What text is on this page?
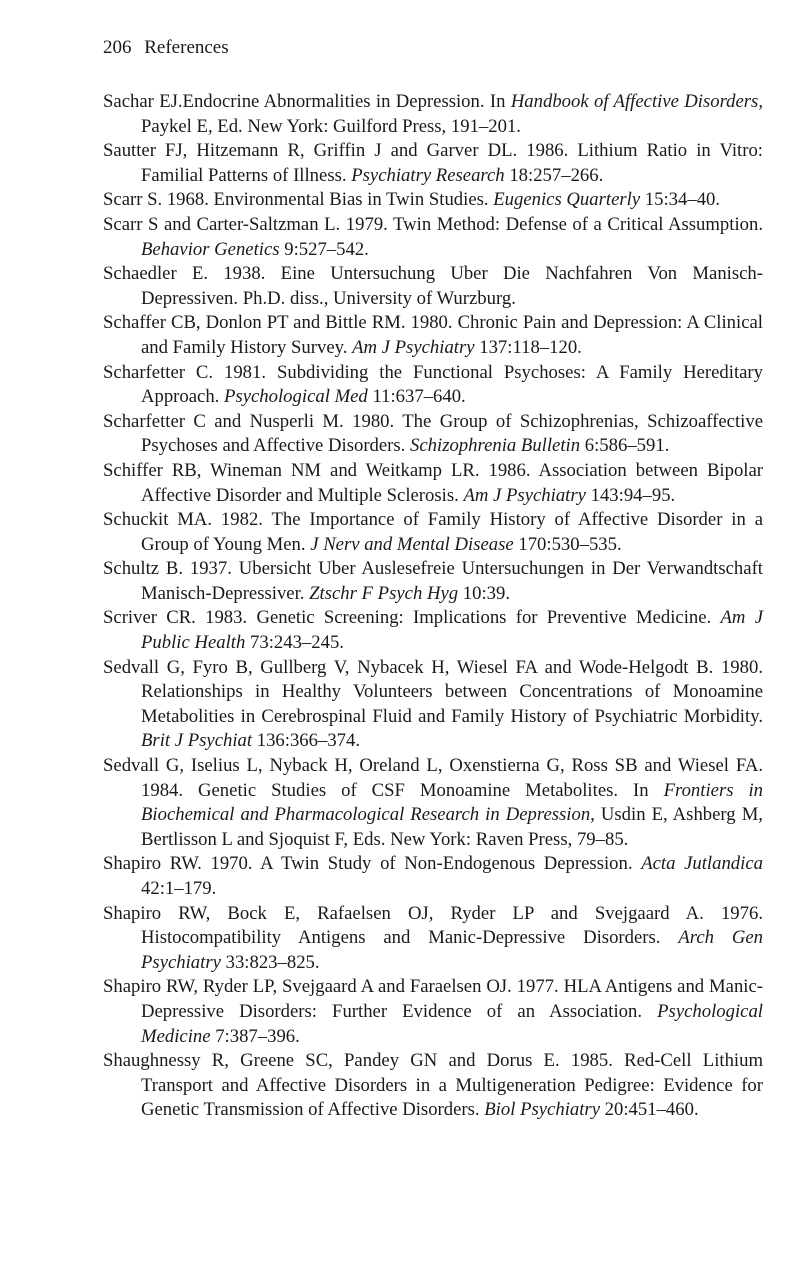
206 References
Sachar EJ.Endocrine Abnormalities in Depression. In Handbook of Affective Disorders, Paykel E, Ed. New York: Guilford Press, 191–201.
Sautter FJ, Hitzemann R, Griffin J and Garver DL. 1986. Lithium Ratio in Vitro: Familial Patterns of Illness. Psychiatry Research 18:257–266.
Scarr S. 1968. Environmental Bias in Twin Studies. Eugenics Quarterly 15:34–40.
Scarr S and Carter-Saltzman L. 1979. Twin Method: Defense of a Critical Assumption. Behavior Genetics 9:527–542.
Schaedler E. 1938. Eine Untersuchung Uber Die Nachfahren Von Manisch-Depressiven. Ph.D. diss., University of Wurzburg.
Schaffer CB, Donlon PT and Bittle RM. 1980. Chronic Pain and Depression: A Clinical and Family History Survey. Am J Psychiatry 137:118–120.
Scharfetter C. 1981. Subdividing the Functional Psychoses: A Family Hereditary Approach. Psychological Med 11:637–640.
Scharfetter C and Nusperli M. 1980. The Group of Schizophrenias, Schizoaffective Psychoses and Affective Disorders. Schizophrenia Bulletin 6:586–591.
Schiffer RB, Wineman NM and Weitkamp LR. 1986. Association between Bipolar Affective Disorder and Multiple Sclerosis. Am J Psychiatry 143:94–95.
Schuckit MA. 1982. The Importance of Family History of Affective Disorder in a Group of Young Men. J Nerv and Mental Disease 170:530–535.
Schultz B. 1937. Ubersicht Uber Auslesefreie Untersuchungen in Der Verwandtschaft Manisch-Depressiver. Ztschr F Psych Hyg 10:39.
Scriver CR. 1983. Genetic Screening: Implications for Preventive Medicine. Am J Public Health 73:243–245.
Sedvall G, Fyro B, Gullberg V, Nybacek H, Wiesel FA and Wode-Helgodt B. 1980. Relationships in Healthy Volunteers between Concentrations of Monoamine Metabolities in Cerebrospinal Fluid and Family History of Psychiatric Morbidity. Brit J Psychiat 136:366–374.
Sedvall G, Iselius L, Nyback H, Oreland L, Oxenstierna G, Ross SB and Wiesel FA. 1984. Genetic Studies of CSF Monoamine Metabolites. In Frontiers in Biochemical and Pharmacological Research in Depression, Usdin E, Ashberg M, Bertlisson L and Sjoquist F, Eds. New York: Raven Press, 79–85.
Shapiro RW. 1970. A Twin Study of Non-Endogenous Depression. Acta Jutlandica 42:1–179.
Shapiro RW, Bock E, Rafaelsen OJ, Ryder LP and Svejgaard A. 1976. Histocompatibility Antigens and Manic-Depressive Disorders. Arch Gen Psychiatry 33:823–825.
Shapiro RW, Ryder LP, Svejgaard A and Faraelsen OJ. 1977. HLA Antigens and Manic-Depressive Disorders: Further Evidence of an Association. Psychological Medicine 7:387–396.
Shaughnessy R, Greene SC, Pandey GN and Dorus E. 1985. Red-Cell Lithium Transport and Affective Disorders in a Multigeneration Pedigree: Evidence for Genetic Transmission of Affective Disorders. Biol Psychiatry 20:451–460.
